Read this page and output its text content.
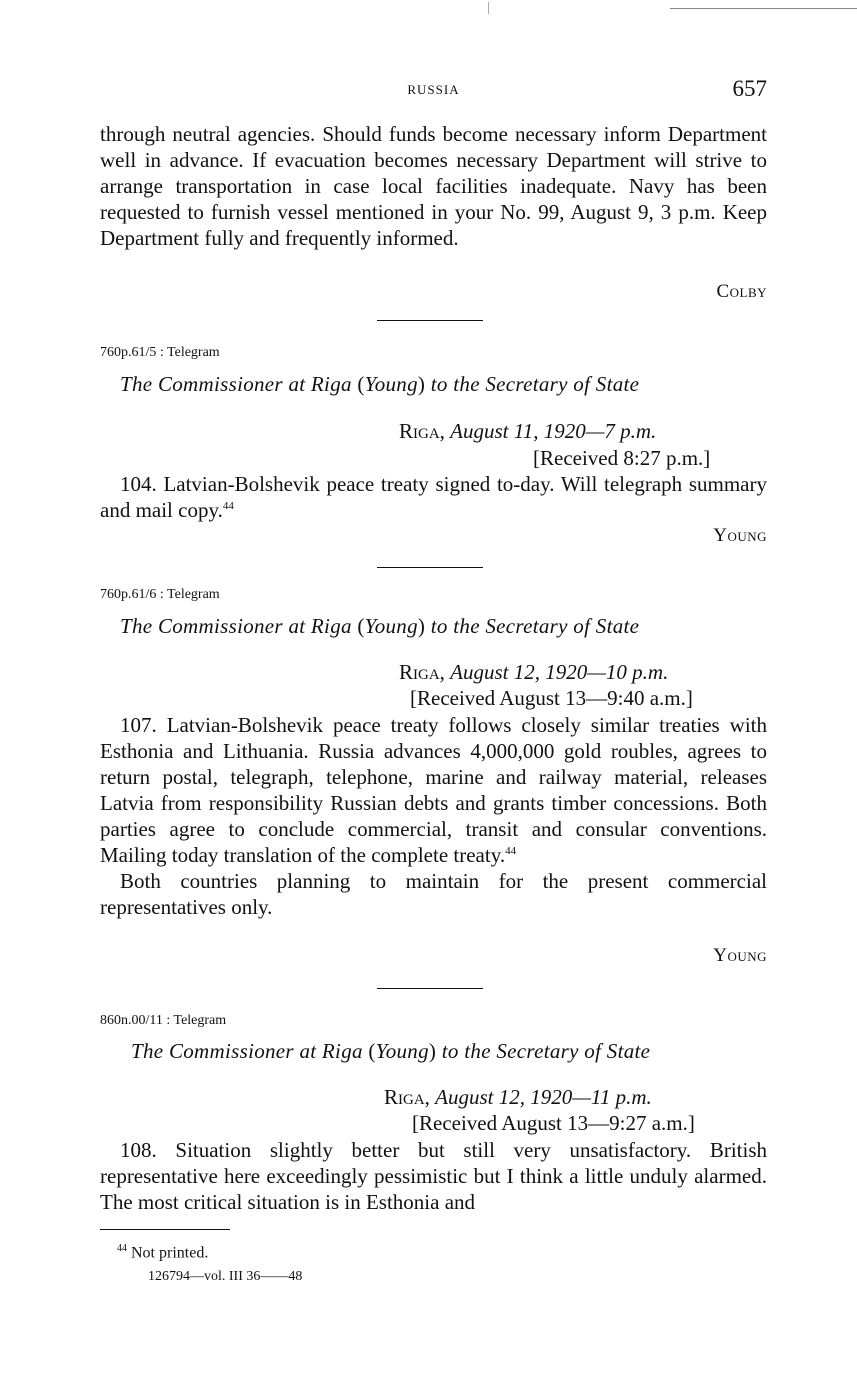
RUSSIA	657

through neutral agencies. Should funds become necessary inform Department well in advance. If evacuation becomes necessary Department will strive to arrange transportation in case local facilities inadequate. Navy has been requested to furnish vessel mentioned in your No. 99, August 9, 3 p.m. Keep Department fully and frequently informed.

Colby
760p.61/5 : Telegram
The Commissioner at Riga (Young) to the Secretary of State
Riga, August 11, 1920—7 p.m.
[Received 8:27 p.m.]

104. Latvian-Bolshevik peace treaty signed to-day. Will telegraph summary and mail copy.$^{44}$

Young
760p.61/6 : Telegram
The Commissioner at Riga (Young) to the Secretary of State
Riga, August 12, 1920—10 p.m.
[Received August 13—9:40 a.m.]

107. Latvian-Bolshevik peace treaty follows closely similar treaties with Esthonia and Lithuania. Russia advances 4,000,000 gold roubles, agrees to return postal, telegraph, telephone, marine and railway material, releases Latvia from responsibility Russian debts and grants timber concessions. Both parties agree to conclude commercial, transit and consular conventions. Mailing today translation of the complete treaty.$^{44}$

Both countries planning to maintain for the present commercial representatives only.

Young
860n.00/11 : Telegram
The Commissioner at Riga (Young) to the Secretary of State
Riga, August 12, 1920—11 p.m.
[Received August 13—9:27 a.m.]

108. Situation slightly better but still very unsatisfactory. British representative here exceedingly pessimistic but I think a little unduly alarmed. The most critical situation is in Esthonia and

$^{44}$ Not printed.
126794—vol. III 36——48
